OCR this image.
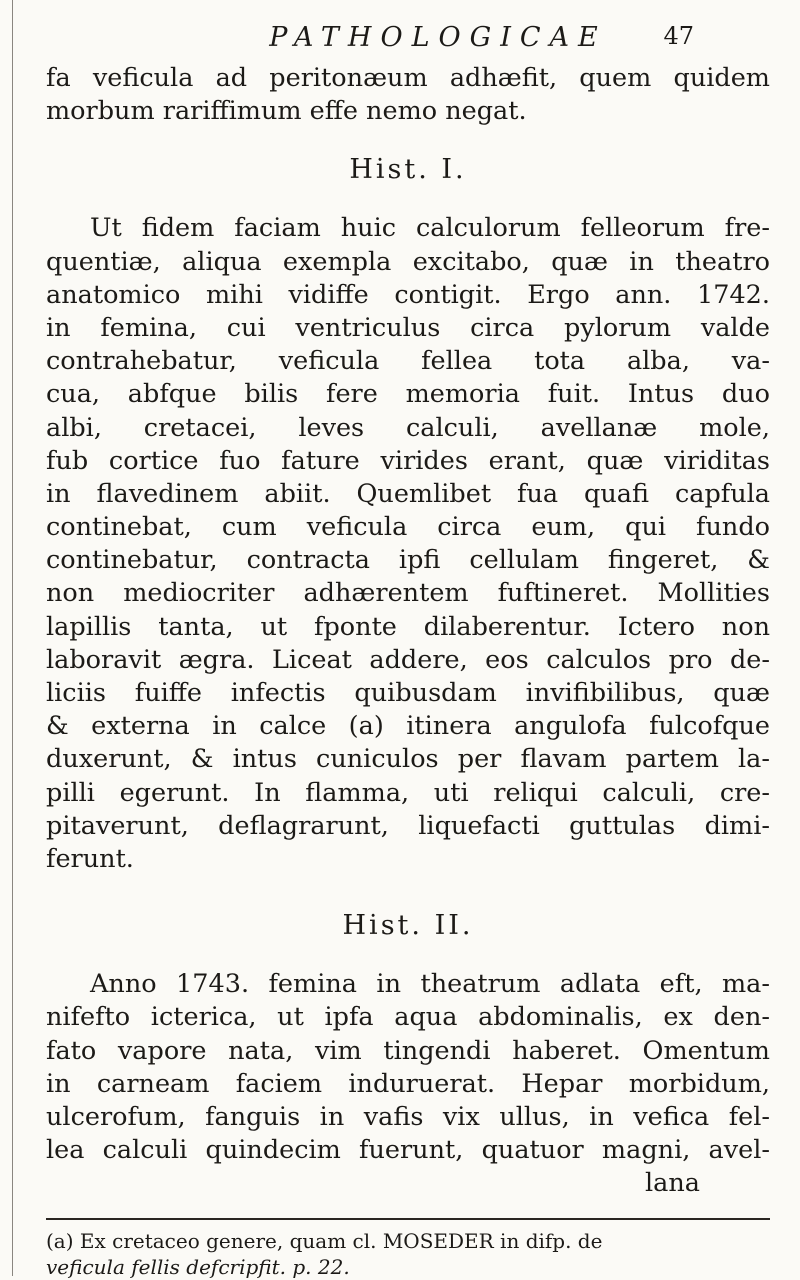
PATHOLOGICAE 47
fa veficula ad peritonæum adhæfit, quem quidem
morbum rariffimum effe nemo negat.
Hist. I.
Ut fidem faciam huic calculorum felleorum fre-
quentiæ, aliqua exempla excitabo, quæ in theatro
anatomico mihi vidiffe contigit. Ergo ann. 1742.
in femina, cui ventriculus circa pylorum valde
contrahebatur, veficula fellea tota alba, va-
cua, abfque bilis fere memoria fuit. Intus duo
albi, cretacei, leves calculi, avellanæ mole,
fub cortice fuo fature virides erant, quæ viriditas
in flavedinem abiit. Quemlibet fua quafi capfula
continebat, cum veficula circa eum, qui fundo
continebatur, contracta ipfi cellulam fingeret, &
non mediocriter adhærentem fuftineret. Mollities
lapillis tanta, ut fponte dilaberentur. Ictero non
laboravit ægra. Liceat addere, eos calculos pro de-
liciis fuiffe infectis quibusdam invifibilibus, quæ
& externa in calce (a) itinera angulofa fulcofque
duxerunt, & intus cuniculos per flavam partem la-
pilli egerunt. In flamma, uti reliqui calculi, cre-
pitaverunt, deflagrarunt, liquefacti guttulas dimi-
ferunt.
Hist. II.
Anno 1743. femina in theatrum adlata eft, ma-
nifefto icterica, ut ipfa aqua abdominalis, ex den-
fato vapore nata, vim tingendi haberet. Omentum
in carneam faciem induruerat. Hepar morbidum,
ulcerofum, fanguis in vafis vix ullus, in vefica fel-
lea calculi quindecim fuerunt, quatuor magni, avel-
lana
(a) Ex cretaceo genere, quam cl. MOSEDER in difp. de
veficula fellis defcripfit. p. 22.
